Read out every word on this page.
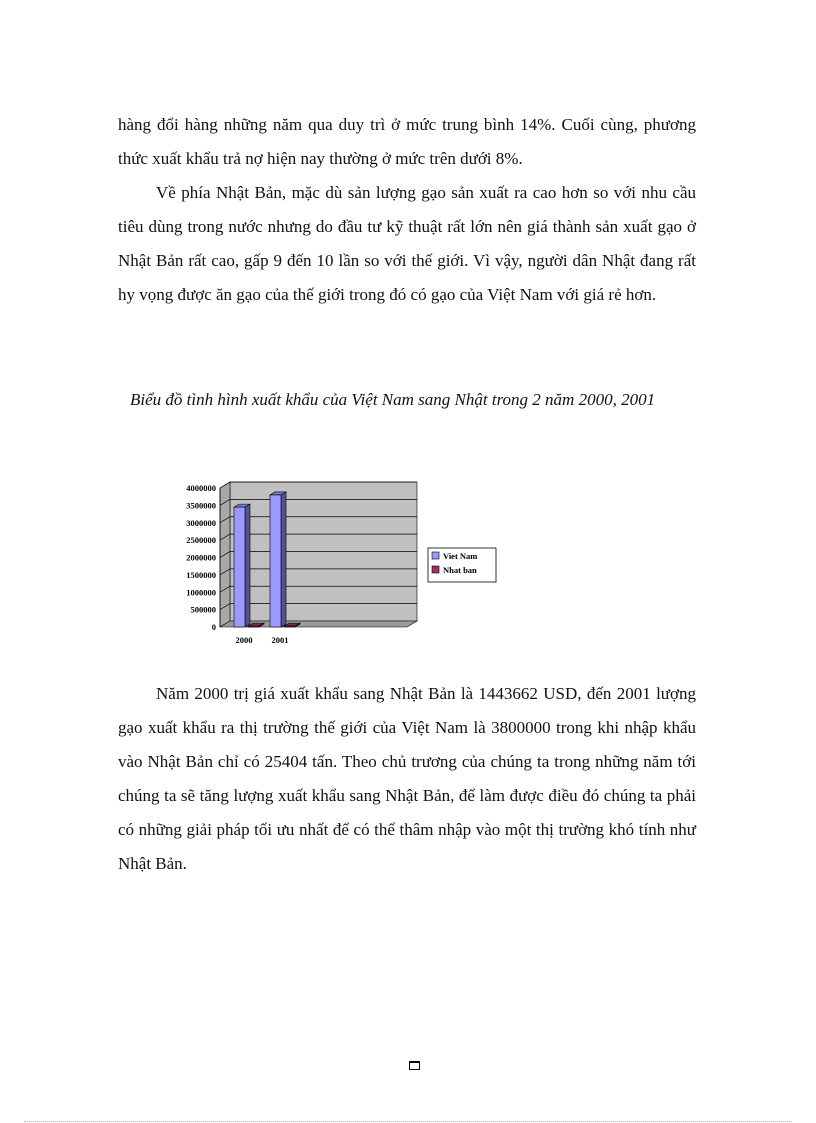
hàng đổi hàng những năm qua duy trì ở mức trung bình 14%. Cuối cùng, phương thức xuất khẩu trả nợ hiện nay thường ở mức trên dưới 8%.

Về phía Nhật Bản, mặc dù sản lượng gạo sản xuất ra cao hơn so với nhu cầu tiêu dùng trong nước nhưng do đầu tư kỹ thuật rất lớn nên giá thành sản xuất gạo ở Nhật Bản rất cao, gấp 9 đến 10 lần so với thế giới. Vì vậy, người dân Nhật đang rất hy vọng được ăn gạo của thế giới trong đó có gạo của Việt Nam với giá rẻ hơn.

Biểu đồ tình hình xuất khẩu của Việt Nam sang Nhật trong 2 năm 2000, 2001

0
500000
1000000
1500000
2000000
2500000
3000000
3500000
4000000
2000 2001
Viet Nam
Nhat ban

Năm 2000 trị giá xuất khẩu sang Nhật Bản là 1443662 USD, đến 2001 lượng gạo xuất khẩu ra thị trường thế giới của Việt Nam là 3800000 trong khi nhập khẩu vào Nhật Bản chỉ có 25404 tấn. Theo chủ trương của chúng ta trong những năm tới chúng ta sẽ tăng lượng xuất khẩu sang Nhật Bản, để làm được điều đó chúng ta phải có những giải pháp tối ưu nhất để có thể thâm nhập vào một thị trường khó tính như Nhật Bản.
